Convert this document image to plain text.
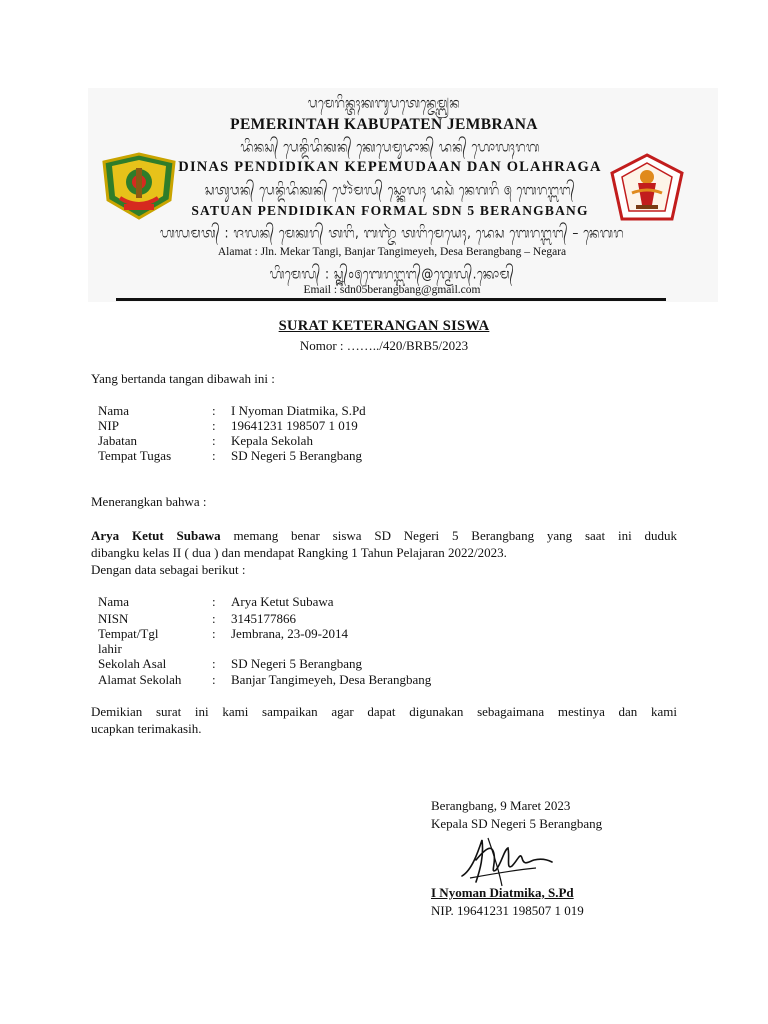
ᬧᬫᬾᬭᬶᬦ᭄ᬢᬄᬓᬩᬸᬧᬢᬾᬦ᭄ᬚᬾᬫ᭄ᬩ᭄ᬭᬦ
PEMERINTAH KABUPATEN JEMBRANA
ᬤᬶᬦᬲ᭄ ᬧᬾᬦ᭄ᬤᬶᬤᬶᬓᬦ᭄ ᬓᬾᬧᬾᬫᬸᬤᬵᬦ᭄ ᬤᬦ᭄ ᬳᭀᬮᬄᬭᬕ
DINAS PENDIDIKAN KEPEMUDAAN DAN OLAHRAGA
ᬲᬢᬸᬯᬦ᭄ ᬧᬾᬦ᭄ᬤᬶᬤᬶᬓᬦ᭄ ᬨᭀᬃᬫᬮ᭄ ᬲ᭄ᬓᭀᬮᬄ ᬤᬲᬃ ᬦᬾᬕᬭᬶ ᭕ ᬩᬾᬭᬗ᭄ᬩᬗ᭄
SATUAN PENDIDIKAN FORMAL SDN 5 BERANGBANG
ᬳᬮᬫᬢ᭄ : ᬚᬮᬦ᭄ ᬫᬾᬓᬭ᭄ ᬢᬗᬶ, ᬩᬜ᭄ᬚᬃ ᬢᬗᬶᬫᬾᬬᬾᬄ, ᬤᬾᬲ ᬩᬾᬭᬗ᭄ᬩᬗ᭄ – ᬦᬾᬕᬭ
Alamat : Jln. Mekar Tangi, Banjar Tangimeyeh, Desa Berangbang – Negara
ᬳᬶᬫᬾᬮ᭄ : ᬲ᭄ᬤ᭄ᬦ᭄᭐᭕ᬩᬾᬭᬗ᭄ᬩᬗ᭄@ᬕ᭄ᬫᬾᬮ᭄.ᬓᭀᬫ᭄
Email : sdn05berangbang@gmail.com
SURAT KETERANGAN SISWA
Nomor : ……../420/BRB5/2023
Yang bertanda tangan dibawah ini :
Nama	: I Nyoman Diatmika, S.Pd
NIP	: 19641231 198507 1 019
Jabatan	: Kepala Sekolah
Tempat Tugas	: SD Negeri 5 Berangbang
Menerangkan bahwa :
Arya Ketut Subawa memang benar siswa SD Negeri 5 Berangbang yang saat ini duduk
dibangku kelas II ( dua ) dan mendapat Rangking 1 Tahun Pelajaran 2022/2023.
Dengan data sebagai berikut :
Nama	: Arya Ketut Subawa
NISN	: 3145177866
Tempat/Tgl	: Jembrana, 23-09-2014
lahir
Sekolah Asal	: SD Negeri 5 Berangbang
Alamat Sekolah : Banjar Tangimeyeh, Desa Berangbang
Demikian surat ini kami sampaikan agar dapat digunakan sebagaimana mestinya dan kami
ucapkan terimakasih.
Berangbang, 9 Maret 2023
Kepala SD Negeri 5 Berangbang
I Nyoman Diatmika, S.Pd
NIP. 19641231 198507 1 019
